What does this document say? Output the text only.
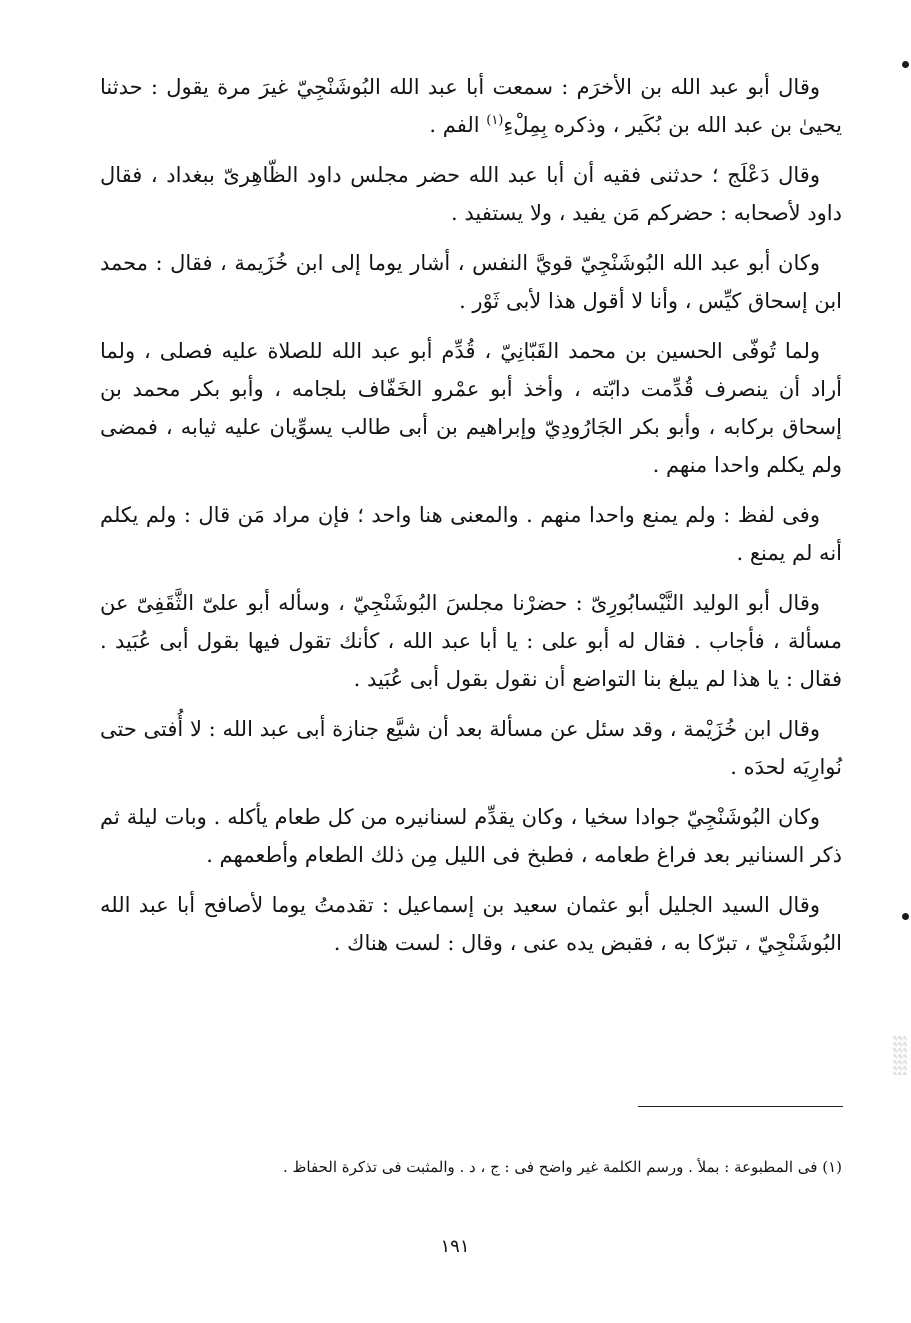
وقال أبو عبد الله بن الأخرَم : سمعت أبا عبد الله البُوشَنْجِيّ غيرَ مرة يقول : حدثنا يحيىٰ بن عبد الله بن بُكَير ، وذكره بِمِلْءِ$^{(١)}$ الفم .

وقال دَعْلَج ؛ حدثنى فقيه أن أبا عبد الله حضر مجلس داود الظّاهِرىّ ببغداد ، فقال داود لأصحابه : حضركم مَن يفيد ، ولا يستفيد .

وكان أبو عبد الله البُوشَنْجِيّ قويَّ النفس ، أشار يوما إلى ابن خُزَيمة ، فقال : محمد ابن إسحاق كيِّس ، وأنا لا أقول هذا لأبى ثَوْر .

ولما تُوفّى الحسين بن محمد القَبّانِيّ ، قُدِّم أبو عبد الله للصلاة عليه فصلى ، ولما أراد أن ينصرف قُدِّمت دابّته ، وأخذ أبو عمْرو الخَفّاف بلجامه ، وأبو بكر محمد بن إسحاق بركابه ، وأبو بكر الجَارُودِيّ وإبراهيم بن أبى طالب يسوِّيان عليه ثيابه ، فمضى ولم يكلم واحدا منهم .

وفى لفظ : ولم يمنع واحدا منهم . والمعنى هنا واحد ؛ فإن مراد مَن قال : ولم يكلم أنه لم يمنع .

وقال أبو الوليد النَّيْسابُورِىّ : حضرْنا مجلسَ البُوشَنْجِيّ ، وسأله أبو علىّ الثَّقَفِىّ عن مسألة ، فأجاب . فقال له أبو على : يا أبا عبد الله ، كأنك تقول فيها بقول أبى عُبَيد . فقال : يا هذا لم يبلغ بنا التواضع أن نقول بقول أبى عُبَيد .

وقال ابن خُزَيْمة ، وقد سئل عن مسألة بعد أن شيَّع جنازة أبى عبد الله : لا أُفتى حتى نُوارِيَه لحدَه .

وكان البُوشَنْجِيّ جوادا سخيا ، وكان يقدِّم لسنانيره من كل طعام يأكله . وبات ليلة ثم ذكر السنانير بعد فراغ طعامه ، فطبخ فى الليل مِن ذلك الطعام وأطعمهم .

وقال السيد الجليل أبو عثمان سعيد بن إسماعيل : تقدمتُ يوما لأصافح أبا عبد الله البُوشَنْجِيّ ، تبرّكا به ، فقبض يده عنى ، وقال : لست هناك .

(١) فى المطبوعة : بملأ . ورسم الكلمة غير واضح فى : ج ، د . والمثبت فى تذكرة الحفاظ .
١٩١
